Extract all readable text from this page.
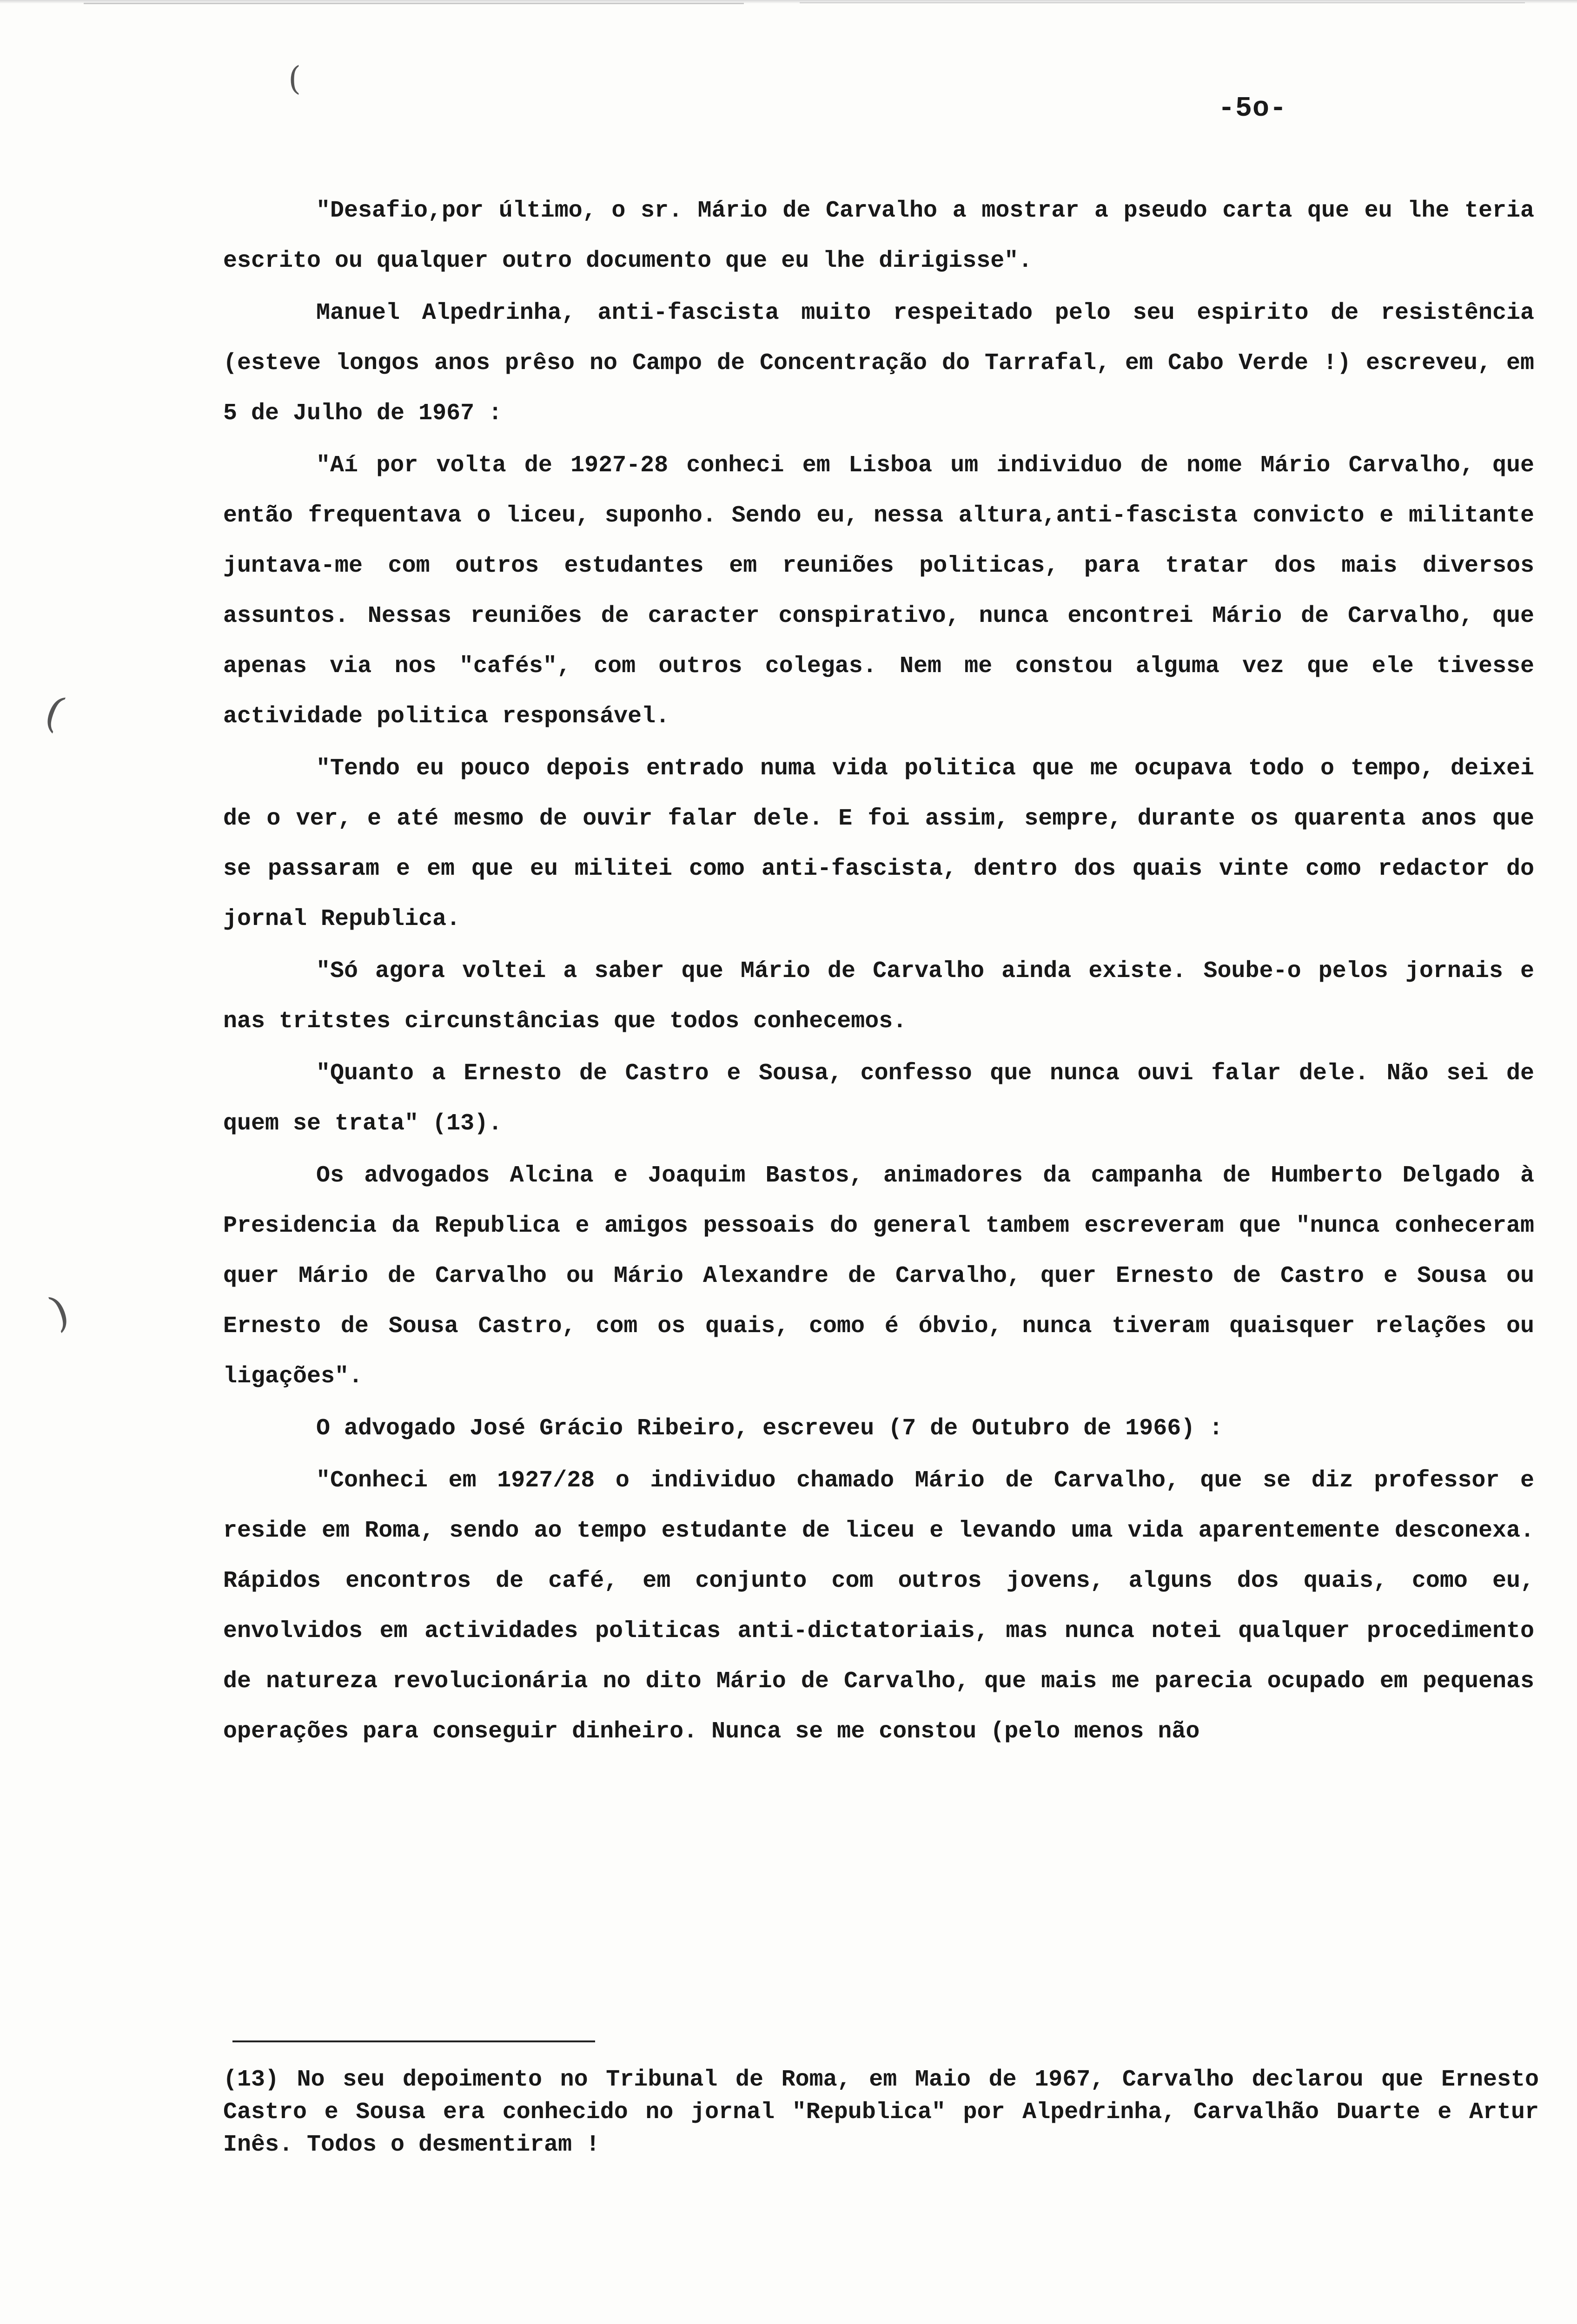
(
(
)
-5o-

"Desafio,por último, o sr. Mário de Carvalho a mostrar a pseudo carta que eu lhe teria escrito ou qualquer outro documento que eu lhe dirigisse".

Manuel Alpedrinha, anti-fascista muito respeitado pelo seu espirito de resistência (esteve longos anos prêso no Campo de Concentração do Tarrafal, em Cabo Verde !) escreveu, em 5 de Julho de 1967 :

"Aí por volta de 1927-28 conheci em Lisboa um individuo de nome Mário Carvalho, que então frequentava o liceu, suponho. Sendo eu, nessa altura,anti-fascista convicto e militante juntava-me com outros estudantes em reuniões politicas, para tratar dos mais diversos assuntos. Nessas reuniões de caracter conspirativo, nunca encontrei Mário de Carvalho, que apenas via nos "cafés", com outros colegas. Nem me constou alguma vez que ele tivesse actividade politica responsável.

"Tendo eu pouco depois entrado numa vida politica que me ocupava todo o tempo, deixei de o ver, e até mesmo de ouvir falar dele. E foi assim, sempre, durante os quarenta anos que se passaram e em que eu militei como anti-fascista, dentro dos quais vinte como redactor do jornal Republica.

"Só agora voltei a saber que Mário de Carvalho ainda existe. Soube-o pelos jornais e nas tritstes circunstâncias que todos conhecemos.

"Quanto a Ernesto de Castro e Sousa, confesso que nunca ouvi falar dele. Não sei de quem se trata" (13).

Os advogados Alcina e Joaquim Bastos, animadores da campanha de Humberto Delgado à Presidencia da Republica e amigos pessoais do general tambem escreveram que "nunca conheceram quer Mário de Carvalho ou Mário Alexandre de Carvalho, quer Ernesto de Castro e Sousa ou Ernesto de Sousa Castro, com os quais, como é óbvio, nunca tiveram quaisquer relações ou ligações".

O advogado José Grácio Ribeiro, escreveu (7 de Outubro de 1966) :

"Conheci em 1927/28 o individuo chamado Mário de Carvalho, que se diz professor e reside em Roma, sendo ao tempo estudante de liceu e levando uma vida aparentemente desconexa. Rápidos encontros de café, em conjunto com outros jovens, alguns dos quais, como eu, envolvidos em actividades politicas anti-dictatoriais, mas nunca notei qualquer procedimento de natureza revolucionária no dito Mário de Carvalho, que mais me parecia ocupado em pequenas operações para conseguir dinheiro. Nunca se me constou (pelo menos não

(13) No seu depoimento no Tribunal de Roma, em Maio de 1967, Carvalho declarou que Ernesto Castro e Sousa era conhecido no jornal "Republica" por Alpedrinha, Carvalhão Duarte e Artur Inês. Todos o desmentiram !
